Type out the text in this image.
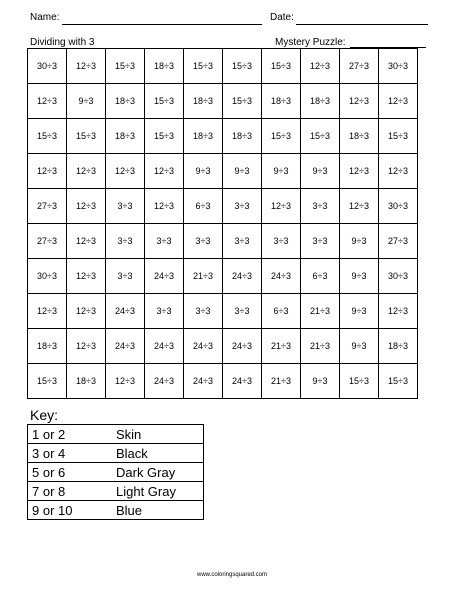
Name:	Date:
Dividing with 3	Mystery Puzzle:
30÷3	12÷3	15÷3	18÷3	15÷3	15÷3	15÷3	12÷3	27÷3	30÷3
12÷3	9÷3	18÷3	15÷3	18÷3	15÷3	18÷3	18÷3	12÷3	12÷3
15÷3	15÷3	18÷3	15÷3	18÷3	18÷3	15÷3	15÷3	18÷3	15÷3
12÷3	12÷3	12÷3	12÷3	9÷3	9÷3	9÷3	9÷3	12÷3	12÷3
27÷3	12÷3	3÷3	12÷3	6÷3	3÷3	12÷3	3÷3	12÷3	30÷3
27÷3	12÷3	3÷3	3÷3	3÷3	3÷3	3÷3	3÷3	9÷3	27÷3
30÷3	12÷3	3÷3	24÷3	21÷3	24÷3	24÷3	6÷3	9÷3	30÷3
12÷3	12÷3	24÷3	3÷3	3÷3	3÷3	6÷3	21÷3	9÷3	12÷3
18÷3	12÷3	24÷3	24÷3	24÷3	24÷3	21÷3	21÷3	9÷3	18÷3
15÷3	18÷3	12÷3	24÷3	24÷3	24÷3	21÷3	9÷3	15÷3	15÷3
Key:
1 or 2	Skin
3 or 4	Black
5 or 6	Dark Gray
7 or 8	Light Gray
9 or 10	Blue
www.coloringsquared.com
